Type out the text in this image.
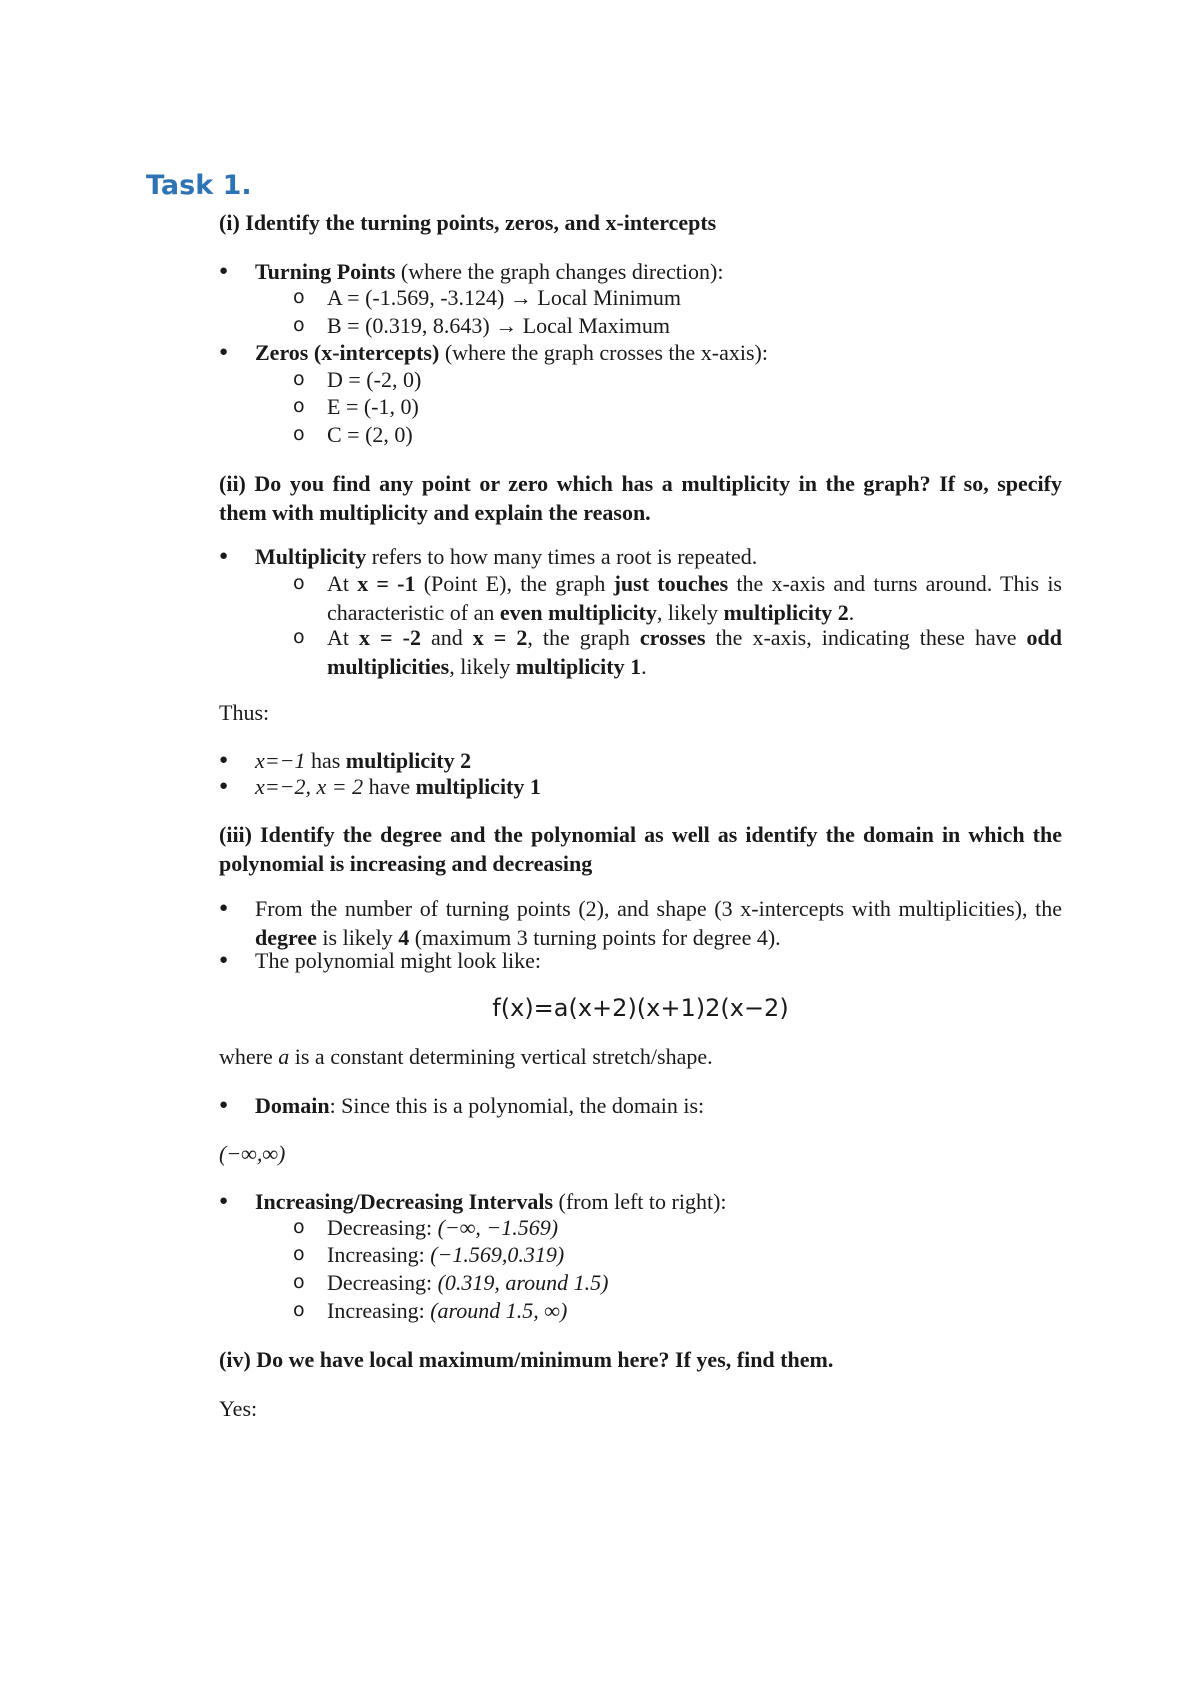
Task 1.

(i) Identify the turning points, zeros, and x-intercepts

● Turning Points (where the graph changes direction):
o A = (-1.569, -3.124) → Local Minimum
o B = (0.319, 8.643) → Local Maximum
● Zeros (x-intercepts) (where the graph crosses the x-axis):
o D = (-2, 0)
o E = (-1, 0)
o C = (2, 0)

(ii) Do you find any point or zero which has a multiplicity in the graph? If so, specify them with multiplicity and explain the reason.

● Multiplicity refers to how many times a root is repeated.
o At x = -1 (Point E), the graph just touches the x-axis and turns around. This is characteristic of an even multiplicity, likely multiplicity 2.
o At x = -2 and x = 2, the graph crosses the x-axis, indicating these have odd multiplicities, likely multiplicity 1.

Thus:

● x=−1 has multiplicity 2
● x=−2, x = 2 have multiplicity 1

(iii) Identify the degree and the polynomial as well as identify the domain in which the polynomial is increasing and decreasing

● From the number of turning points (2), and shape (3 x-intercepts with multiplicities), the degree is likely 4 (maximum 3 turning points for degree 4).
● The polynomial might look like:
f(x)=a(x+2)(x+1)2(x−2)

where a is a constant determining vertical stretch/shape.

● Domain: Since this is a polynomial, the domain is:

(−∞,∞)

● Increasing/Decreasing Intervals (from left to right):
o Decreasing: (−∞, −1.569)
o Increasing: (−1.569,0.319)
o Decreasing: (0.319, around 1.5)
o Increasing: (around 1.5, ∞)

(iv) Do we have local maximum/minimum here? If yes, find them.

Yes:
